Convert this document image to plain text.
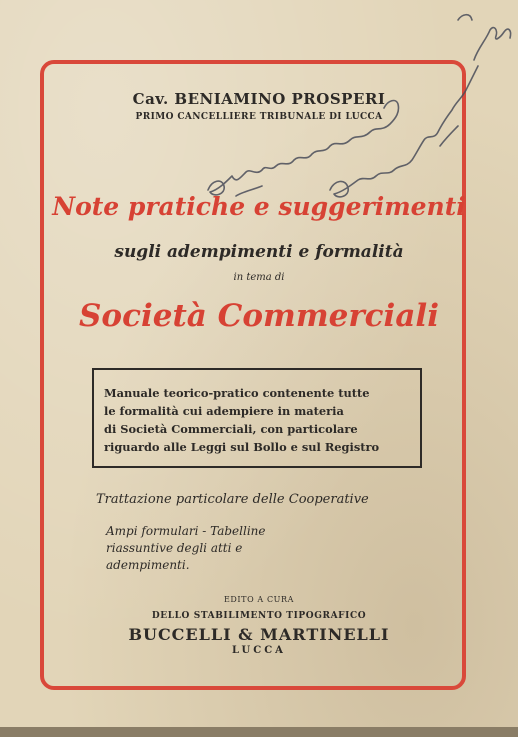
Cav. BENIAMINO PROSPERI
PRIMO CANCELLIERE TRIBUNALE DI LUCCA
Note pratiche e suggerimenti
sugli adempimenti e formalità
in tema di
Società Commerciali
Manuale teorico-pratico contenente tutte
le formalità cui adempiere in materia
di Società Commerciali, con particolare
riguardo alle Leggi sul Bollo e sul Registro
Trattazione particolare delle Cooperative
Ampi formulari - Tabelline
riassuntive degli atti e
adempimenti.
EDITO A CURA
DELLO STABILIMENTO TIPOGRAFICO
BUCCELLI & MARTINELLI
LUCCA
